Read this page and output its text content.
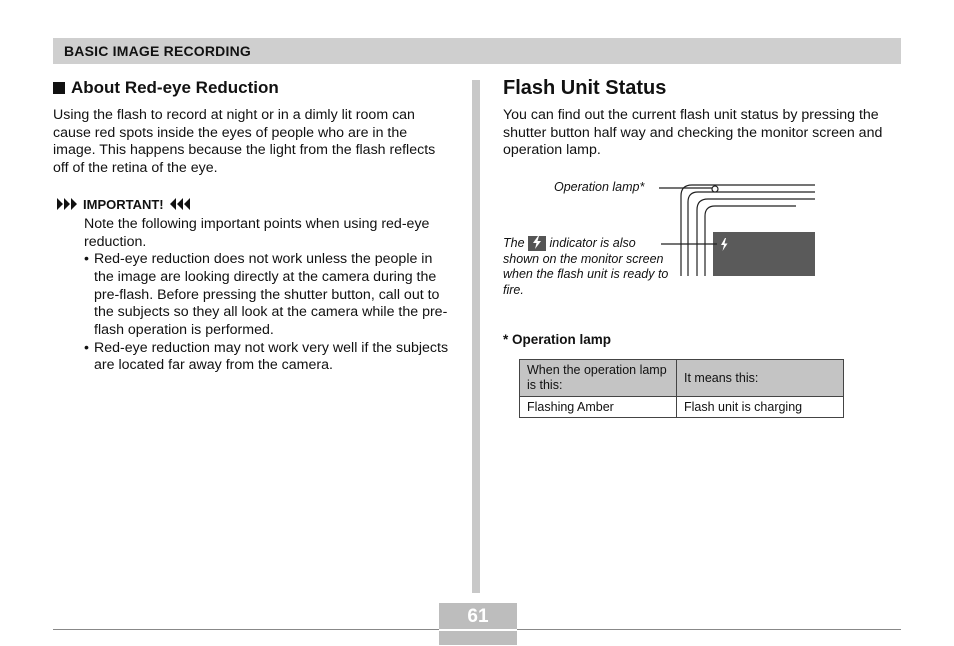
BASIC IMAGE RECORDING
About Red-eye Reduction

Using the flash to record at night or in a dimly lit room can cause red spots inside the eyes of people who are in the image. This happens because the light from the flash reflects off of the retina of the eye.

IMPORTANT!
Note the following important points when using red-eye reduction.
• Red-eye reduction does not work unless the people in the image are looking directly at the camera during the pre-flash. Before pressing the shutter button, call out to the subjects so they all look at the camera while the pre-flash operation is performed.
• Red-eye reduction may not work very well if the subjects are located far away from the camera.
Flash Unit Status

You can find out the current flash unit status by pressing the shutter button half way and checking the monitor screen and operation lamp.

Operation lamp*
The indicator is also shown on the monitor screen when the flash unit is ready to fire.
* Operation lamp
When the operation lamp is this:	It means this:
Flashing Amber	Flash unit is charging
61
